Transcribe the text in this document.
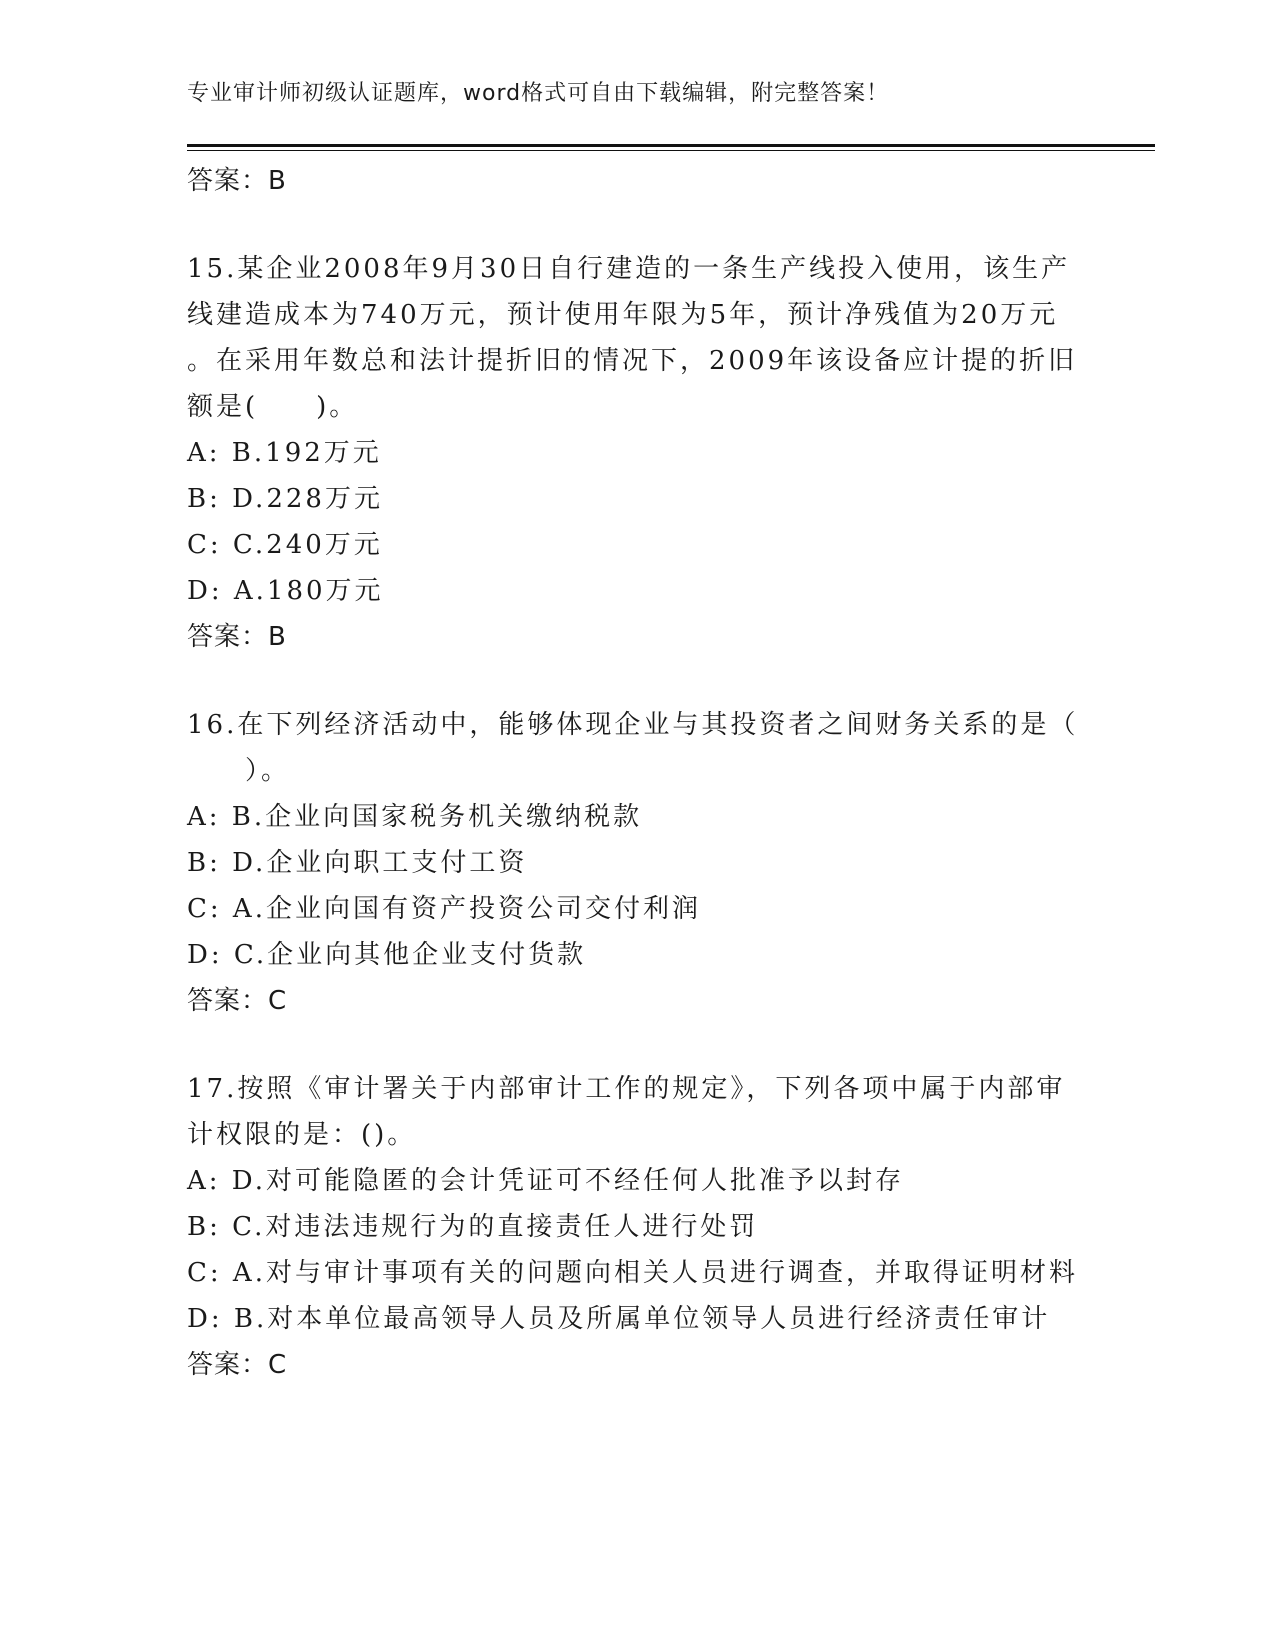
专业审计师初级认证题库，word格式可自由下载编辑，附完整答案！
答案：B
15.某企业2008年9月30日自行建造的一条生产线投入使用，该生产
线建造成本为740万元，预计使用年限为5年，预计净残值为20万元
。在采用年数总和法计提折旧的情况下，2009年该设备应计提的折旧
额是(　　)。
A: B.192万元
B: D.228万元
C: C.240万元
D: A.180万元
答案：B
16.在下列经济活动中，能够体现企业与其投资者之间财务关系的是（
　　）。
A: B.企业向国家税务机关缴纳税款
B: D.企业向职工支付工资
C: A.企业向国有资产投资公司交付利润
D: C.企业向其他企业支付货款
答案：C
17.按照《审计署关于内部审计工作的规定》，下列各项中属于内部审
计权限的是：()。
A: D.对可能隐匿的会计凭证可不经任何人批准予以封存
B: C.对违法违规行为的直接责任人进行处罚
C: A.对与审计事项有关的问题向相关人员进行调查，并取得证明材料
D: B.对本单位最高领导人员及所属单位领导人员进行经济责任审计
答案：C
